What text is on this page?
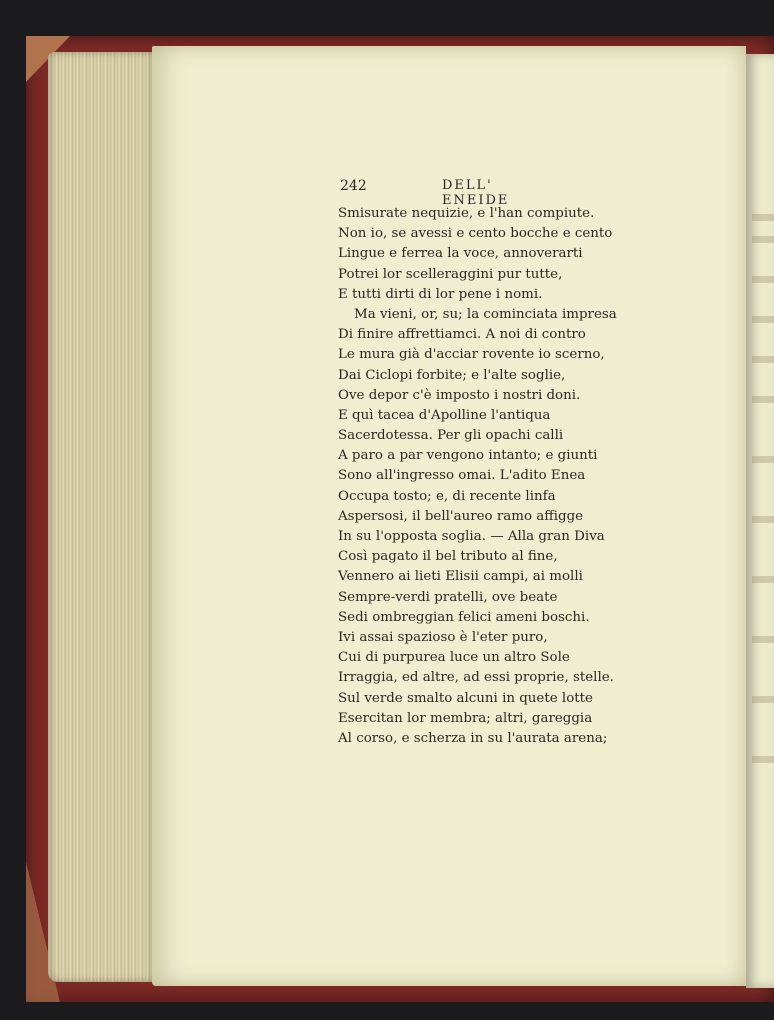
242	DELL' ENEIDE
Smisurate nequizie, e l'han compiute.
Non io, se avessi e cento bocche e cento
Lingue e ferrea la voce, annoverarti
Potrei lor scelleraggini pur tutte,
E tutti dirti di lor pene i nomi.
Ma vieni, or, su; la cominciata impresa
Di finire affrettiamci. A noi di contro
Le mura già d'acciar rovente io scerno,
Dai Ciclopi forbite; e l'alte soglie,
Ove depor c'è imposto i nostri doni.
E quì tacea d'Apolline l'antiqua
Sacerdotessa. Per gli opachi calli
A paro a par vengono intanto; e giunti
Sono all'ingresso omai. L'adito Enea
Occupa tosto; e, di recente linfa
Aspersosi, il bell'aureo ramo affigge
In su l'opposta soglia. — Alla gran Diva
Così pagato il bel tributo al fine,
Vennero ai lieti Elisii campi, ai molli
Sempre-verdi pratelli, ove beate
Sedi ombreggian felici ameni boschi.
Ivi assai spazioso è l'eter puro,
Cui di purpurea luce un altro Sole
Irraggia, ed altre, ad essi proprie, stelle.
Sul verde smalto alcuni in quete lotte
Esercitan lor membra; altri, gareggia
Al corso, e scherza in su l'aurata arena;
